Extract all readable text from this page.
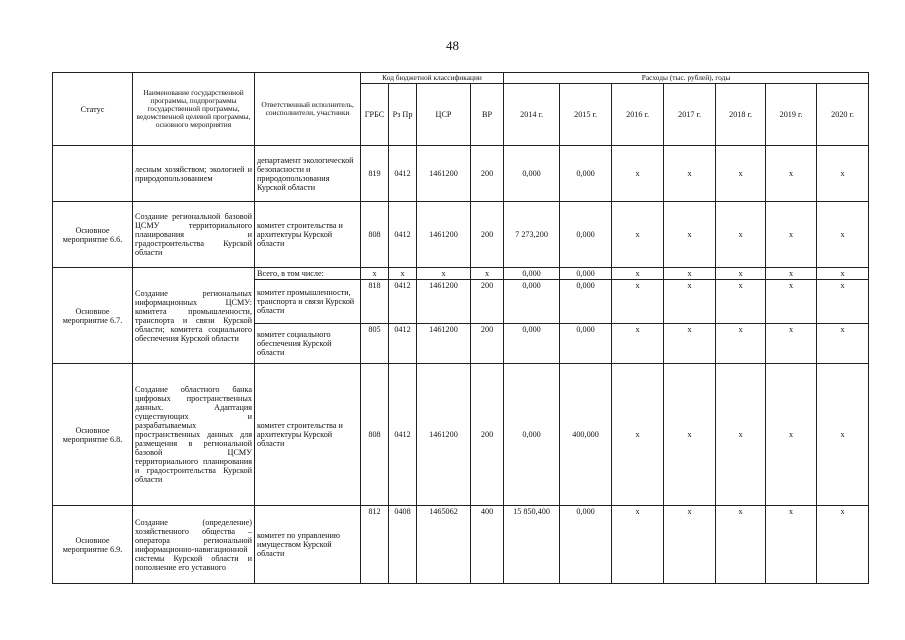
48
Статус	Наименование государственной программы, подпрограммы государственной программы, ведомственной целевой программы, основного мероприятия	Ответственный исполнитель, соисполнители, участники	Код бюджетной классификации				Расходы (тыс. рублей), годы						
			ГРБС	Рз Пр	ЦСР	ВР	2014 г.	2015 г.	2016 г.	2017 г.	2018 г.	2019 г.	2020 г.
	лесным хозяйством; экологией и природопользованием	департамент экологической безопасности и природопользования Курской области	819	0412	1461200	200	0,000	0,000	x	x	x	x	x
Основное мероприятие 6.6.	Создание региональной базовой ЦСМУ территориального планирования и градостроительства Курской области	комитет строительства и архитектуры Курской области	808	0412	1461200	200	7 273,200	0,000	x	x	x	x	x
Основное мероприятие 6.7.	Создание региональных информационных ЦСМУ: комитета промышленности, транспорта и связи Курской области; комитета социального обеспечения Курской области	Всего, в том числе:	x	x	x	x	0,000	0,000	x	x	x	x	x
		комитет промышленности, транспорта и связи Курской области	818	0412	1461200	200	0,000	0,000	x	x	x	x	x
		комитет социального обеспечения Курской области	805	0412	1461200	200	0,000	0,000	x	x	x	x	x
Основное мероприятие 6.8.	Создание областного банка цифровых пространственных данных. Адаптация существующих и разрабатываемых пространственных данных для размещения в региональной базовой ЦСМУ территориального планирования и градостроительства Курской области	комитет строительства и архитектуры Курской области	808	0412	1461200	200	0,000	400,000	x	x	x	x	x
Основное мероприятие 6.9.	Создание (определение) хозяйственного общества – оператора региональной информационно-навигационной системы Курской области и пополнение его уставного	комитет по управлению имуществом Курской области	812	0408	1465062	400	15 850,400	0,000	x	x	x	x	x
